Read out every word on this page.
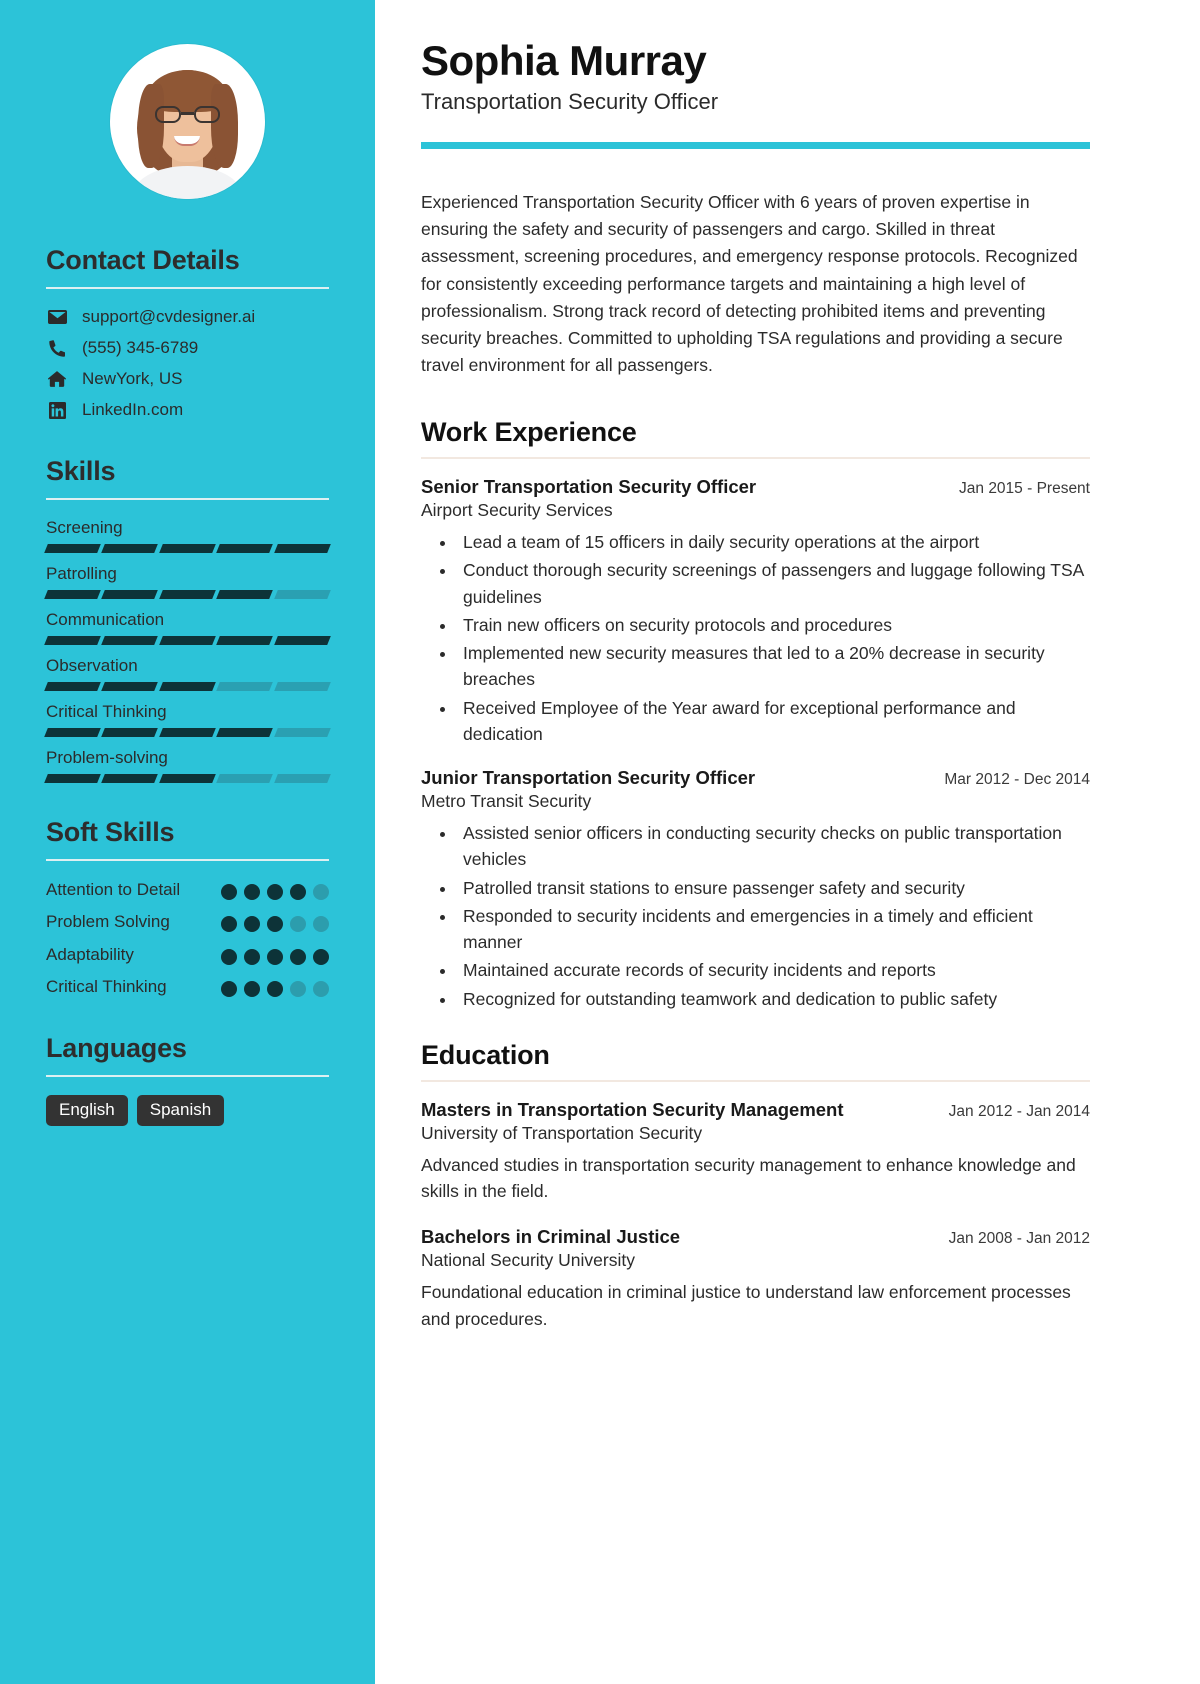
Contact Details
support@cvdesigner.ai
(555) 345-6789
NewYork, US
LinkedIn.com
Skills
Screening
Patrolling
Communication
Observation
Critical Thinking
Problem-solving
Soft Skills
Attention to Detail
Problem Solving
Adaptability
Critical Thinking
Languages
English	Spanish
Sophia Murray
Transportation Security Officer

Experienced Transportation Security Officer with 6 years of proven expertise in ensuring the safety and security of passengers and cargo. Skilled in threat assessment, screening procedures, and emergency response protocols. Recognized for consistently exceeding performance targets and maintaining a high level of professionalism. Strong track record of detecting prohibited items and preventing security breaches. Committed to upholding TSA regulations and providing a secure travel environment for all passengers.

Work Experience
Senior Transportation Security Officer	Jan 2015 - Present
Airport Security Services
• Lead a team of 15 officers in daily security operations at the airport
• Conduct thorough security screenings of passengers and luggage following TSA guidelines
• Train new officers on security protocols and procedures
• Implemented new security measures that led to a 20% decrease in security breaches
• Received Employee of the Year award for exceptional performance and dedication
Junior Transportation Security Officer	Mar 2012 - Dec 2014
Metro Transit Security
• Assisted senior officers in conducting security checks on public transportation vehicles
• Patrolled transit stations to ensure passenger safety and security
• Responded to security incidents and emergencies in a timely and efficient manner
• Maintained accurate records of security incidents and reports
• Recognized for outstanding teamwork and dedication to public safety
Education
Masters in Transportation Security Management	Jan 2012 - Jan 2014
University of Transportation Security
Advanced studies in transportation security management to enhance knowledge and skills in the field.
Bachelors in Criminal Justice	Jan 2008 - Jan 2012
National Security University
Foundational education in criminal justice to understand law enforcement processes and procedures.
